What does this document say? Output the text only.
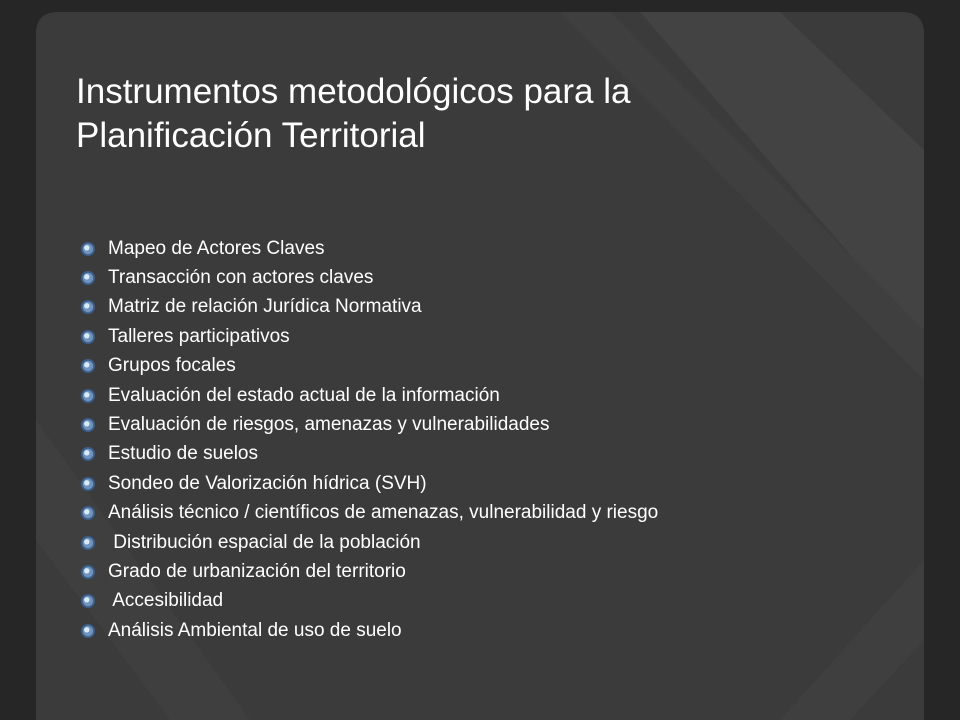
Instrumentos metodológicos para la
Planificación Territorial
Mapeo de Actores Claves
Transacción con actores claves
Matriz de relación Jurídica Normativa
Talleres participativos
Grupos focales
Evaluación del estado actual de la información
Evaluación de riesgos, amenazas y vulnerabilidades
Estudio de suelos
Sondeo de Valorización hídrica (SVH)
Análisis técnico / científicos de amenazas, vulnerabilidad y riesgo
Distribución espacial de la población
Grado de urbanización del territorio
Accesibilidad
Análisis Ambiental de uso de suelo
